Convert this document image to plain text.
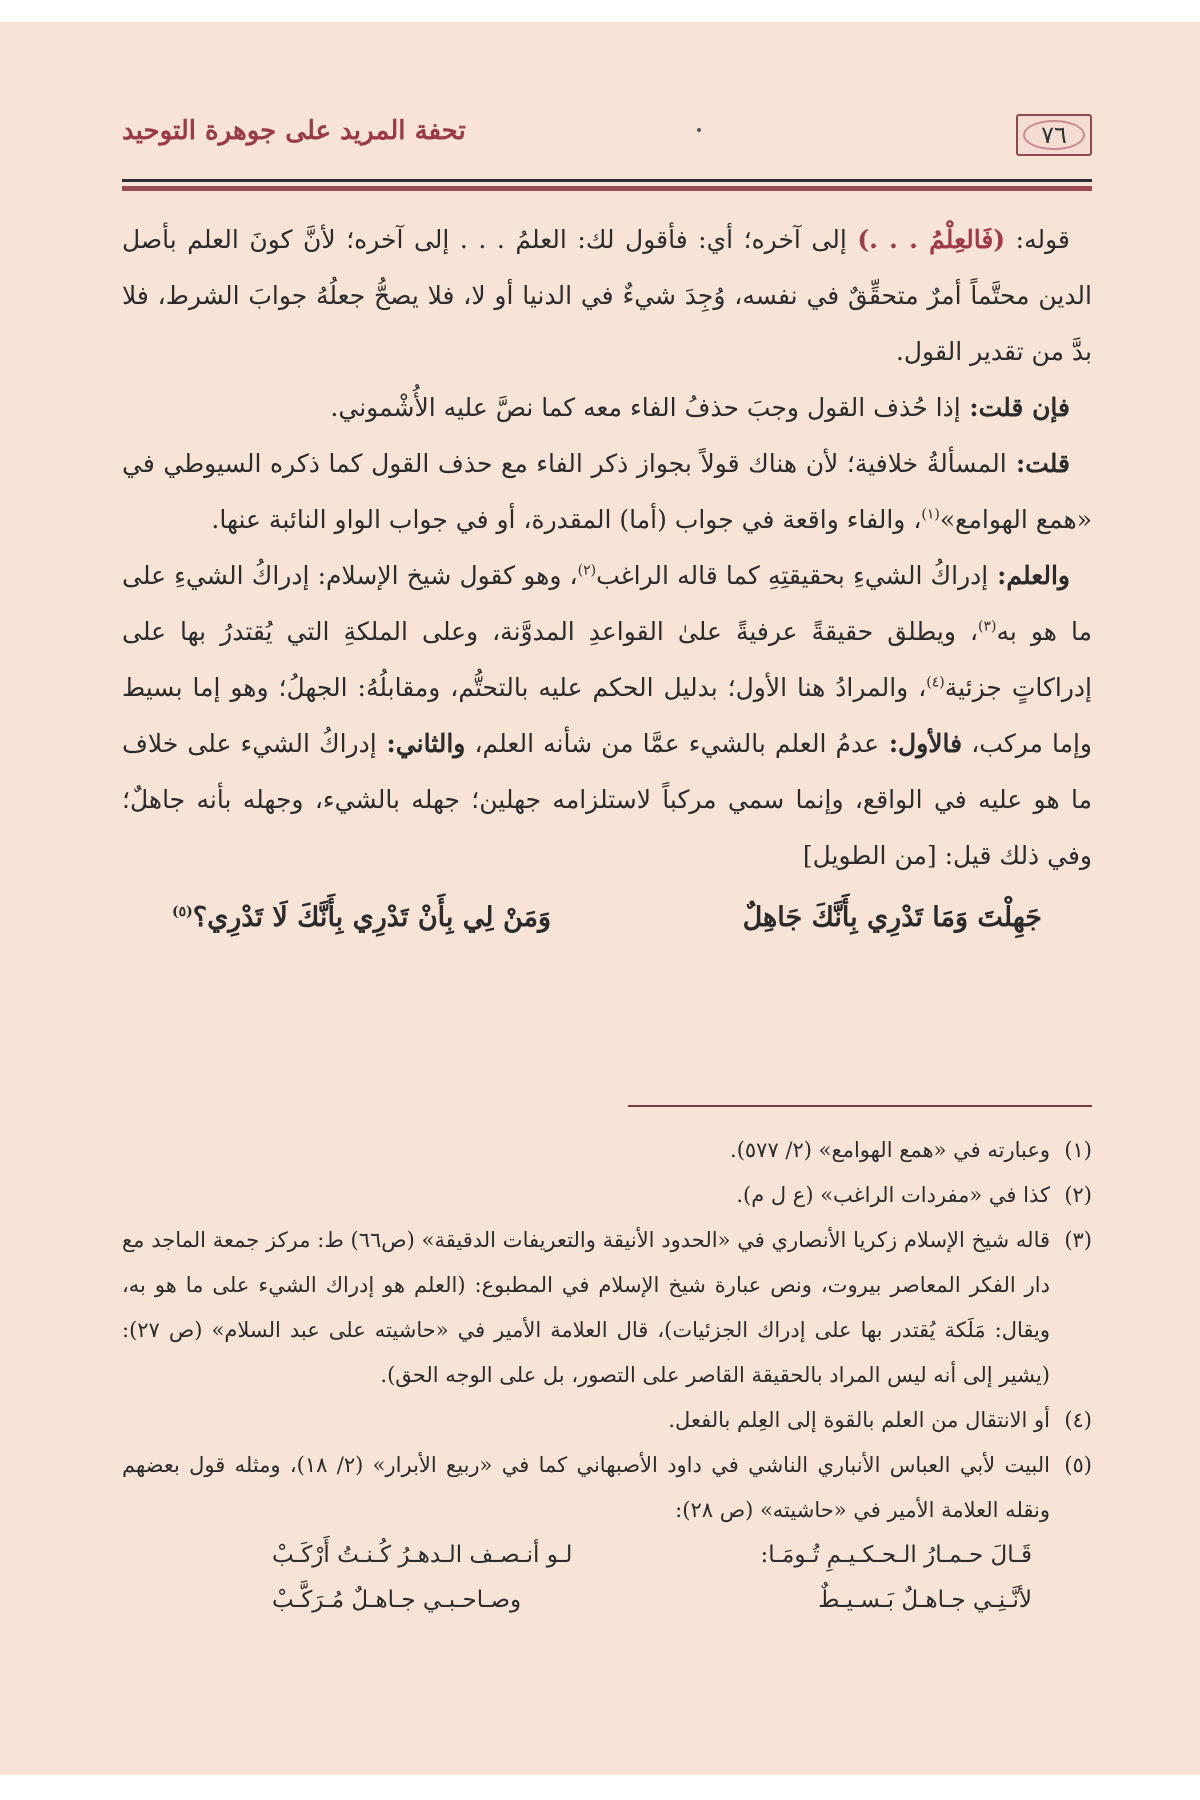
٧٦
تحفة المريد على جوهرة التوحيد

قوله: (فَالعِلْمُ . . .) إلى آخره؛ أي: فأقول لك: العلمُ . . . إلى آخره؛ لأنَّ كونَ العلم بأصل الدين محتَّماً أمرٌ متحقِّقٌ في نفسه، وُجِدَ شيءٌ في الدنيا أو لا، فلا يصحُّ جعلُهُ جوابَ الشرط، فلا بدَّ من تقدير القول.

فإن قلت: إذا حُذف القول وجبَ حذفُ الفاء معه كما نصَّ عليه الأُشْموني.

قلت: المسألةُ خلافية؛ لأن هناك قولاً بجواز ذكر الفاء مع حذف القول كما ذكره السيوطي في «همع الهوامع»$^{(١)}$، والفاء واقعة في جواب (أما) المقدرة، أو في جواب الواو النائبة عنها.

والعلم: إدراكُ الشيءِ بحقيقتِهِ كما قاله الراغب$^{(٢)}$، وهو كقول شيخ الإسلام: إدراكُ الشيءِ على ما هو به$^{(٣)}$، ويطلق حقيقةً عرفيةً علىٰ القواعدِ المدوَّنة، وعلى الملكةِ التي يُقتدرُ بها على إدراكاتٍ جزئية$^{(٤)}$، والمرادُ هنا الأول؛ بدليل الحكم عليه بالتحتُّم، ومقابلُهُ: الجهلُ؛ وهو إما بسيط وإما مركب، فالأول: عدمُ العلم بالشيء عمَّا من شأنه العلم، والثاني: إدراكُ الشيء على خلاف ما هو عليه في الواقع، وإنما سمي مركباً لاستلزامه جهلين؛ جهله بالشيء، وجهله بأنه جاهلٌ؛ وفي ذلك قيل: [من الطويل]

جَهِلْتَ وَمَا تَدْرِي بِأَنَّكَ جَاهِلٌ
وَمَنْ لِي بِأَنْ تَدْرِي بِأَنَّكَ لَا تَدْرِي؟$^{(٥)}$
(١)
وعبارته في «همع الهوامع» (٢/ ٥٧٧).
(٢)
كذا في «مفردات الراغب» (ع ل م).
(٣)
قاله شيخ الإسلام زكريا الأنصاري في «الحدود الأنيقة والتعريفات الدقيقة» (ص٦٦) ط: مركز جمعة الماجد مع دار الفكر المعاصر بيروت، ونص عبارة شيخ الإسلام في المطبوع: (العلم هو إدراك الشيء على ما هو به، ويقال: مَلَكة يُقتدر بها على إدراك الجزئيات)، قال العلامة الأمير في «حاشيته على عبد السلام» (ص ٢٧): (يشير إلى أنه ليس المراد بالحقيقة القاصر على التصور، بل على الوجه الحق).
(٤)
أو الانتقال من العلم بالقوة إلى العِلم بالفعل.
(٥)
البيت لأبي العباس الأنباري الناشي في داود الأصبهاني كما في «ربيع الأبرار» (٢/ ١٨)، ومثله قول بعضهم ونقله العلامة الأمير في «حاشيته» (ص ٢٨):
قَـالَ حـمـارُ الـحـكـيـمِ تُـومَـا:
لـو أنـصـف الـدهـرُ كُـنـتُ أَرْكَـبْ
لأنَّـنِـي جـاهـلٌ بَـسـيـطٌ
وصـاحـبـي جـاهـلٌ مُـرَكَّـبْ
